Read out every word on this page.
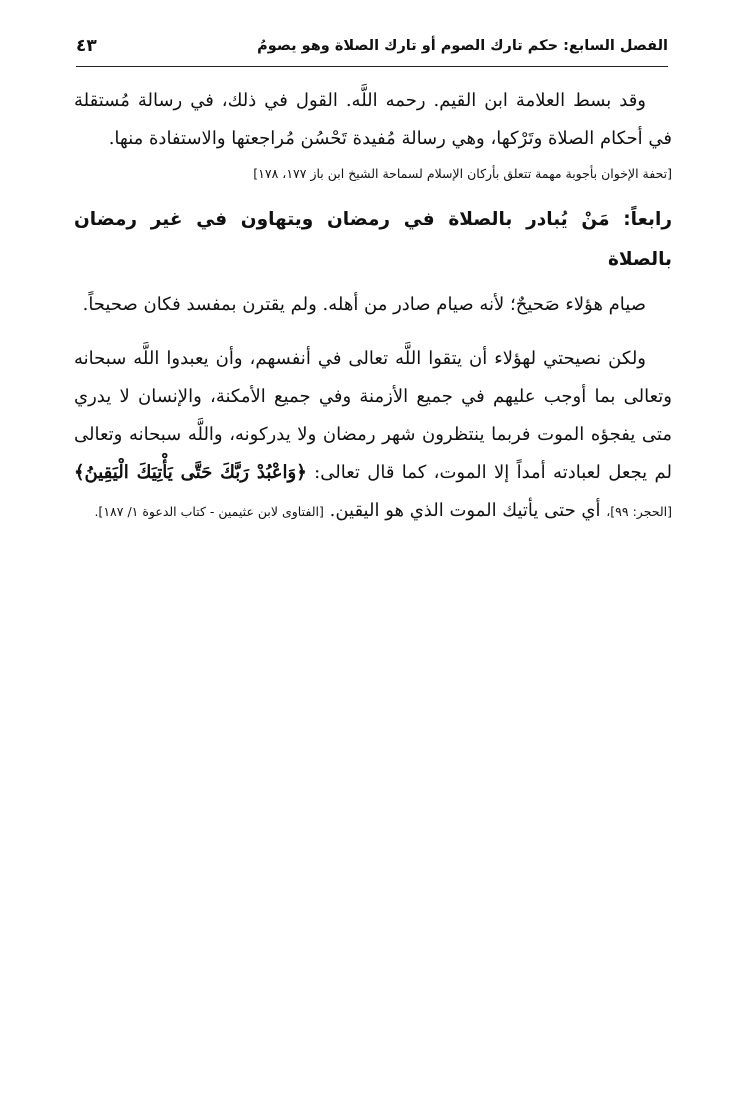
الفصل السابع: حكم تارك الصوم أو تارك الصلاة وهو يصومُ
٤٣

وقد بسط العلامة ابن القيم. رحمه اللَّه. القول في ذلك، في رسالة مُستقلة في أحكام الصلاة وتَرْكها، وهي رسالة مُفيدة تَحْسُن مُراجعتها والاستفادة منها.
[تحفة الإخوان بأجوبة مهمة تتعلق بأركان الإسلام لسماحة الشيخ ابن باز ١٧٧، ١٧٨]

رابعاً: مَنْ يُبادر بالصلاة في رمضان ويتهاون في غير رمضان بالصلاة

صيام هؤلاء صَحيحٌ؛ لأنه صيام صادر من أهله. ولم يقترن بمفسد فكان صحيحاً.

ولكن نصيحتي لهؤلاء أن يتقوا اللَّه تعالى في أنفسهم، وأن يعبدوا اللَّه سبحانه وتعالى بما أوجب عليهم في جميع الأزمنة وفي جميع الأمكنة، والإنسان لا يدري متى يفجؤه الموت فربما ينتظرون شهر رمضان ولا يدركونه، واللَّه سبحانه وتعالى لم يجعل لعبادته أمداً إلا الموت، كما قال تعالى: ﴿وَاعْبُدْ رَبَّكَ حَتَّى يَأْتِيَكَ الْيَقِينُ﴾ [الحجر: ٩٩]، أي حتى يأتيك الموت الذي هو اليقين. [الفتاوى لابن عثيمين - كتاب الدعوة ١/ ١٨٧].
